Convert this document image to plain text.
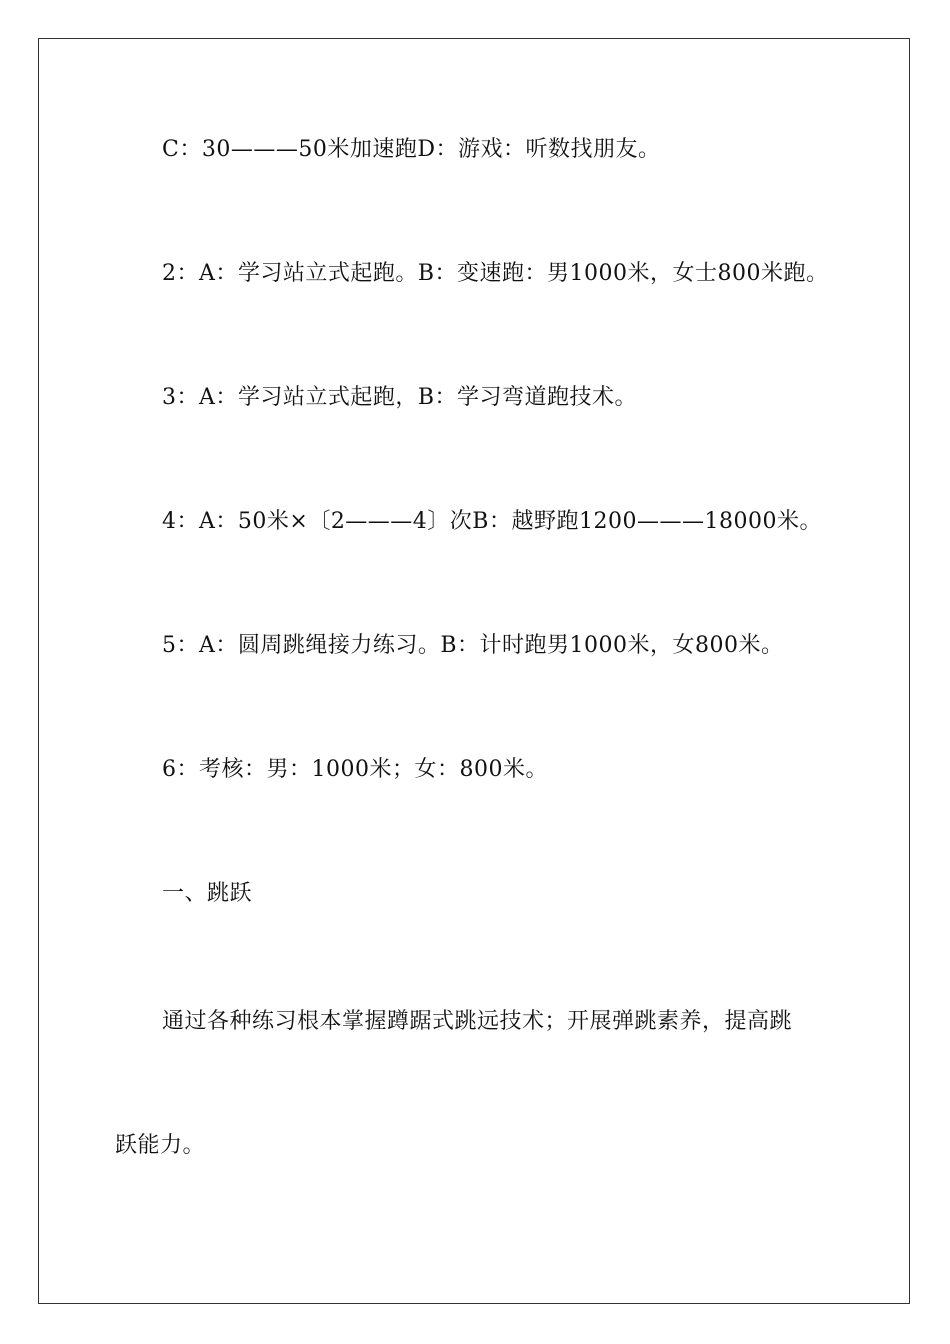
C：30———50米加速跑D：游戏：听数找朋友。
2：A：学习站立式起跑。B：变速跑：男1000米，女士800米跑。
3：A：学习站立式起跑，B：学习弯道跑技术。
4：A：50米×〔2———4〕次B：越野跑1200———18000米。
5：A：圆周跳绳接力练习。B：计时跑男1000米，女800米。
6：考核：男：1000米；女：800米。
一、跳跃
通过各种练习根本掌握蹲踞式跳远技术；开展弹跳素养，提高跳
跃能力。
